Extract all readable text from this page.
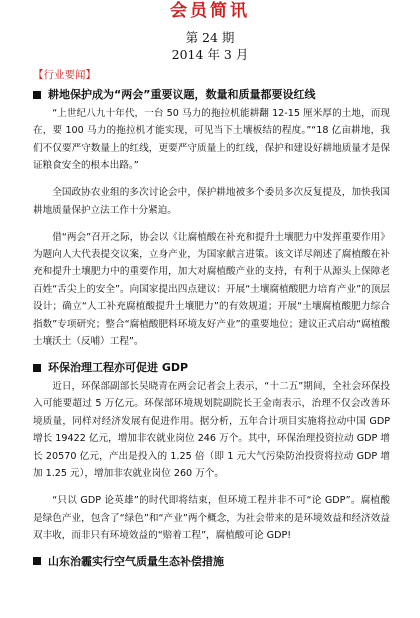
会员简讯
第 24 期
2014 年 3 月
【行业要闻】
耕地保护成为“两会”重要议题，数量和质量都要设红线

“上世纪八九十年代，一台 50 马力的拖拉机能耕翻 12-15 厘米厚的土地，而现在，要 100 马力的拖拉机才能实现，可见当下土壤板结的程度。”“18 亿亩耕地，我们不仅要严守数量上的红线，更要严守质量上的红线，保护和建设好耕地质量才是保证粮食安全的根本出路。”

全国政协农业组的多次讨论会中，保护耕地被多个委员多次反复提及，加快我国耕地质量保护立法工作十分紧迫。

借“两会”召开之际，协会以《让腐植酸在补充和提升土壤肥力中发挥重要作用》为题向人大代表提交议案，立身产业，为国家献言进策。该文详尽阐述了腐植酸在补充和提升土壤肥力中的重要作用，加大对腐植酸产业的支持，有利于从源头上保障老百姓“舌尖上的安全”。向国家提出四点建议：开展“土壤腐植酸肥力培育产业”的顶层设计；确立“人工补充腐植酸提升土壤肥力”的有效规道；开展“土壤腐植酸肥力综合指数”专项研究；整合“腐植酸肥料环境友好产业”的重要地位；建议正式启动“腐植酸土壤沃土（反哺）工程”。

环保治理工程亦可促进 GDP

近日，环保部副部长吴晓青在两会记者会上表示，“十二五”期间，全社会环保投入可能要超过 5 万亿元。环保部环境规划院副院长王金南表示，治理不仅会改善环境质量，同样对经济发展有促进作用。据分析，五年合计项目实施将拉动中国 GDP 增长 19422 亿元，增加非农就业岗位 246 万个。其中，环保治理投资拉动 GDP 增长 20570 亿元，产出是投入的 1.25 倍（即 1 元大气污染防治投资将拉动 GDP 增加 1.25 元），增加非农就业岗位 260 万个。

“只以 GDP 论英雄”的时代即将结束，但环境工程并非不可“论 GDP”。腐植酸是绿色产业，包含了“绿色”和“产业”两个概念，为社会带来的是环境效益和经济效益双丰收，而非只有环境效益的“赔着工程”，腐植酸可论 GDP!

山东治霾实行空气质量生态补偿措施
